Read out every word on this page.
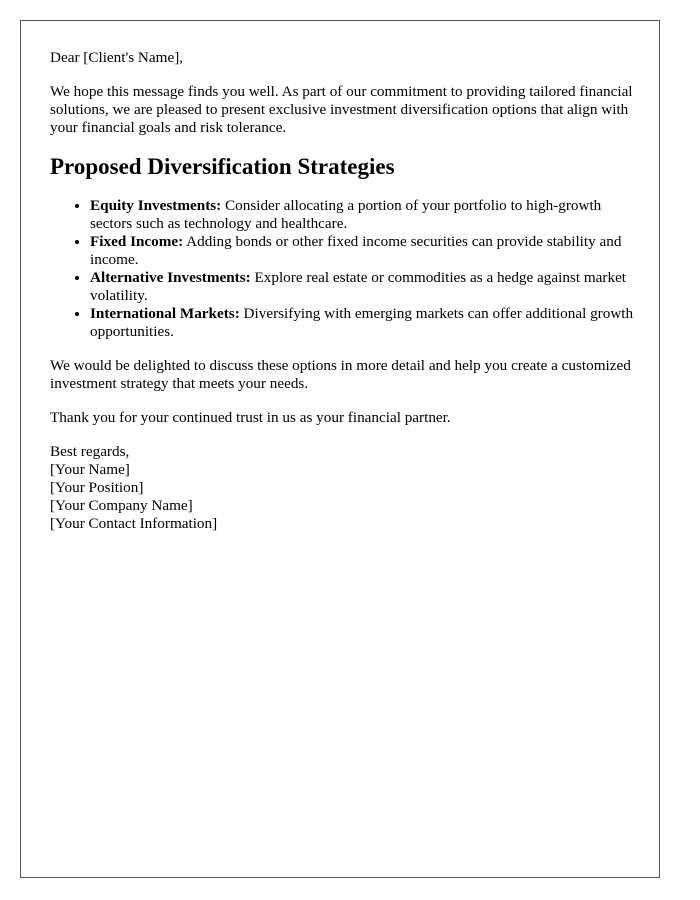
Dear [Client's Name],

We hope this message finds you well. As part of our commitment to providing tailored financial solutions, we are pleased to present exclusive investment diversification options that align with your financial goals and risk tolerance.

Proposed Diversification Strategies
• Equity Investments: Consider allocating a portion of your portfolio to high-growth sectors such as technology and healthcare.
• Fixed Income: Adding bonds or other fixed income securities can provide stability and income.
• Alternative Investments: Explore real estate or commodities as a hedge against market volatility.
• International Markets: Diversifying with emerging markets can offer additional growth opportunities.

We would be delighted to discuss these options in more detail and help you create a customized investment strategy that meets your needs.

Thank you for your continued trust in us as your financial partner.

Best regards,

[Your Name]

[Your Position]

[Your Company Name]

[Your Contact Information]
